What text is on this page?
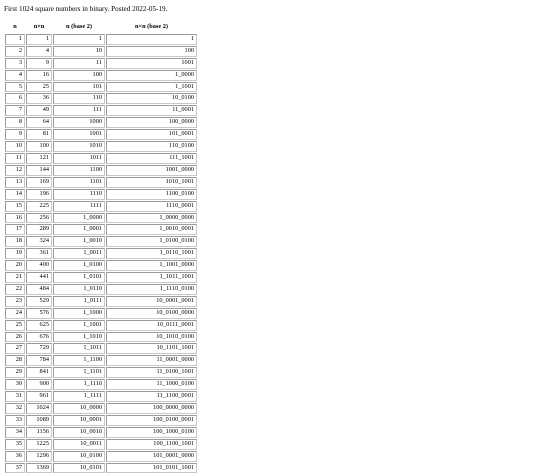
First 1024 square numbers in binary. Posted 2022-05-19.

n	n×n	n (base 2)	n×n (base 2)
1	1	1	1
2	4	10	100
3	9	11	1001
4	16	100	1_0000
5	25	101	1_1001
6	36	110	10_0100
7	49	111	11_0001
8	64	1000	100_0000
9	81	1001	101_0001
10	100	1010	110_0100
11	121	1011	111_1001
12	144	1100	1001_0000
13	169	1101	1010_1001
14	196	1110	1100_0100
15	225	1111	1110_0001
16	256	1_0000	1_0000_0000
17	289	1_0001	1_0010_0001
18	324	1_0010	1_0100_0100
19	361	1_0011	1_0110_1001
20	400	1_0100	1_1001_0000
21	441	1_0101	1_1011_1001
22	484	1_0110	1_1110_0100
23	529	1_0111	10_0001_0001
24	576	1_1000	10_0100_0000
25	625	1_1001	10_0111_0001
26	676	1_1010	10_1010_0100
27	729	1_1011	10_1101_1001
28	784	1_1100	11_0001_0000
29	841	1_1101	11_0100_1001
30	900	1_1110	11_1000_0100
31	961	1_1111	11_1100_0001
32	1024	10_0000	100_0000_0000
33	1089	10_0001	100_0100_0001
34	1156	10_0010	100_1000_0100
35	1225	10_0011	100_1100_1001
36	1296	10_0100	101_0001_0000
37	1369	10_0101	101_0101_1001
